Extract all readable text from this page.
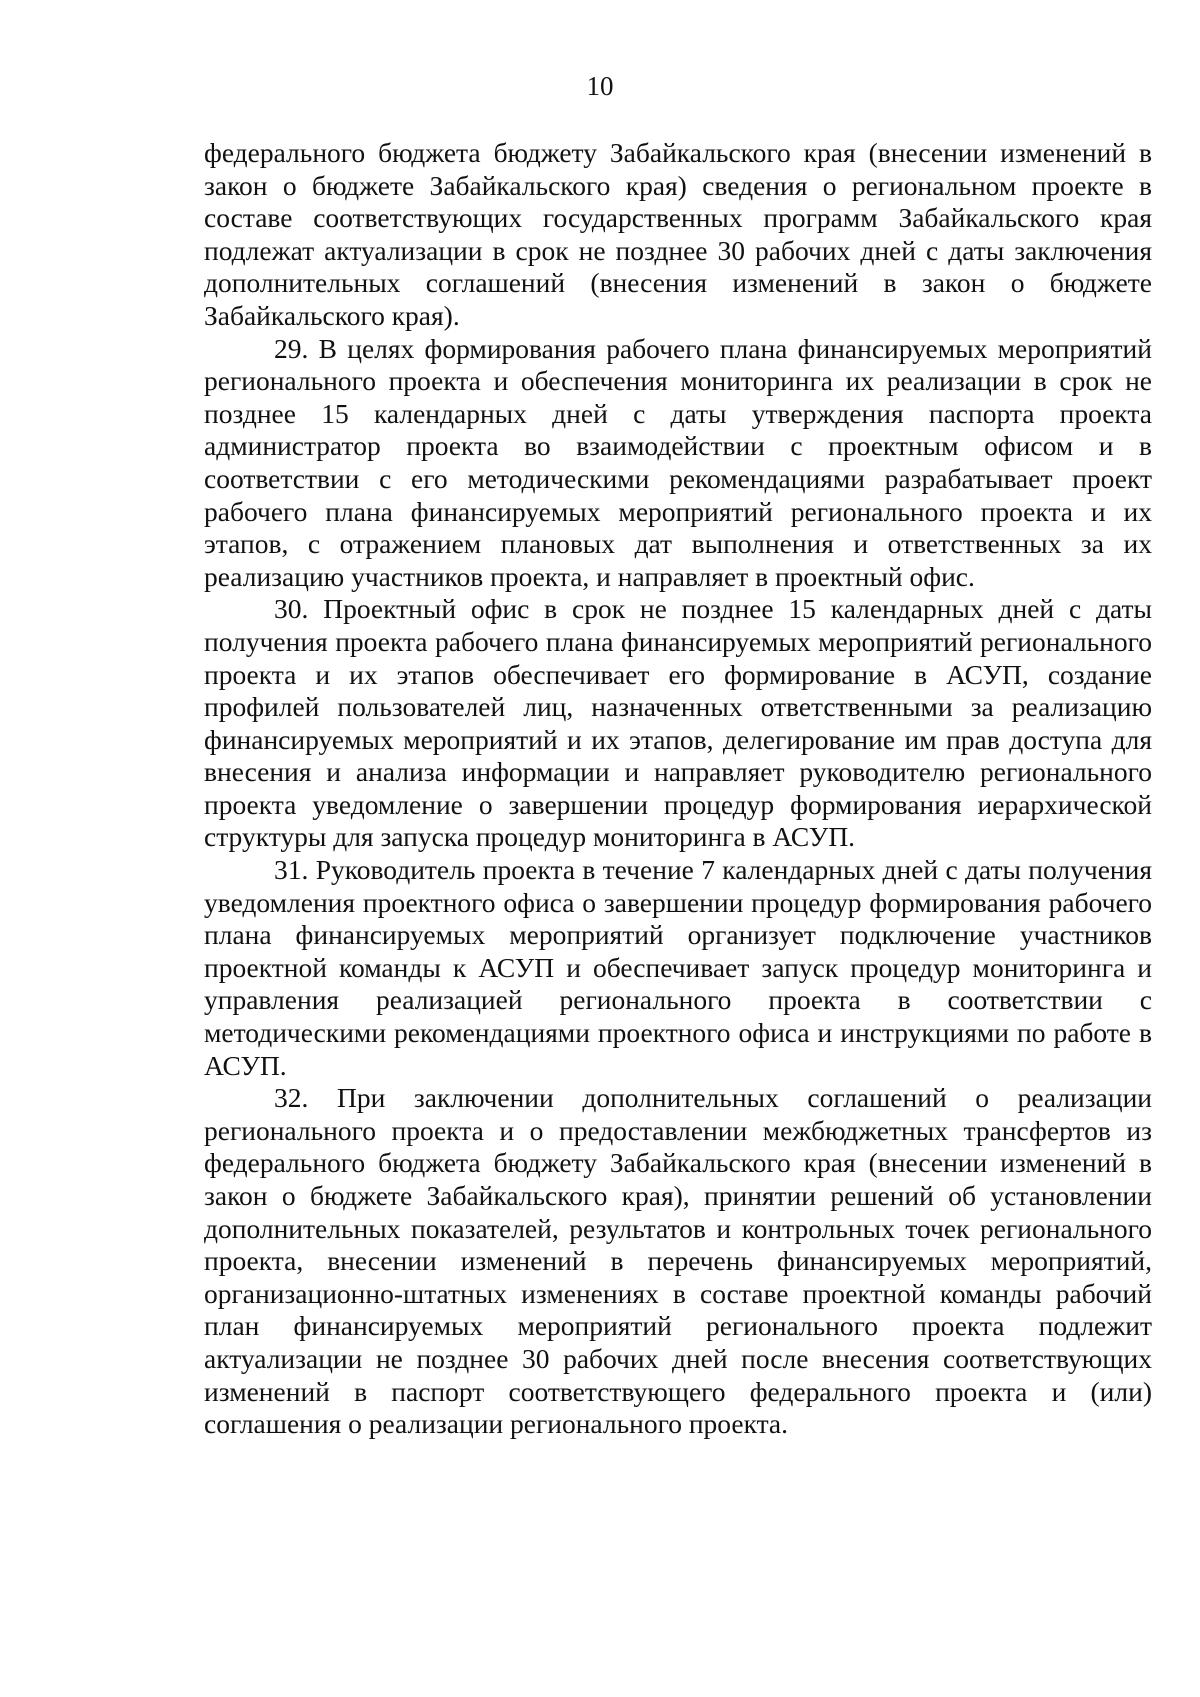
10

федерального бюджета бюджету Забайкальского края (внесении изменений в закон о бюджете Забайкальского края) сведения о региональном проекте в составе соответствующих государственных программ Забайкальского края подлежат актуализации в срок не позднее 30 рабочих дней с даты заключения дополнительных соглашений (внесения изменений в закон о бюджете Забайкальского края).

29. В целях формирования рабочего плана финансируемых мероприятий регионального проекта и обеспечения мониторинга их реализации в срок не позднее 15 календарных дней с даты утверждения паспорта проекта администратор проекта во взаимодействии с проектным офисом и в соответствии с его методическими рекомендациями разрабатывает проект рабочего плана финансируемых мероприятий регионального проекта и их этапов, с отражением плановых дат выполнения и ответственных за их реализацию участников проекта, и направляет в проектный офис.

30. Проектный офис в срок не позднее 15 календарных дней с даты получения проекта рабочего плана финансируемых мероприятий регионального проекта и их этапов обеспечивает его формирование в АСУП, создание профилей пользователей лиц, назначенных ответственными за реализацию финансируемых мероприятий и их этапов, делегирование им прав доступа для внесения и анализа информации и направляет руководителю регионального проекта уведомление о завершении процедур формирования иерархической структуры для запуска процедур мониторинга в АСУП.

31. Руководитель проекта в течение 7 календарных дней с даты получения уведомления проектного офиса о завершении процедур формирования рабочего плана финансируемых мероприятий организует подключение участников проектной команды к АСУП и обеспечивает запуск процедур мониторинга и управления реализацией регионального проекта в соответствии с методическими рекомендациями проектного офиса и инструкциями по работе в АСУП.

32. При заключении дополнительных соглашений о реализации регионального проекта и о предоставлении межбюджетных трансфертов из федерального бюджета бюджету Забайкальского края (внесении изменений в закон о бюджете Забайкальского края), принятии решений об установлении дополнительных показателей, результатов и контрольных точек регионального проекта, внесении изменений в перечень финансируемых мероприятий, организационно-штатных изменениях в составе проектной команды рабочий план финансируемых мероприятий регионального проекта подлежит актуализации не позднее 30 рабочих дней после внесения соответствующих изменений в паспорт соответствующего федерального проекта и (или) соглашения о реализации регионального проекта.
